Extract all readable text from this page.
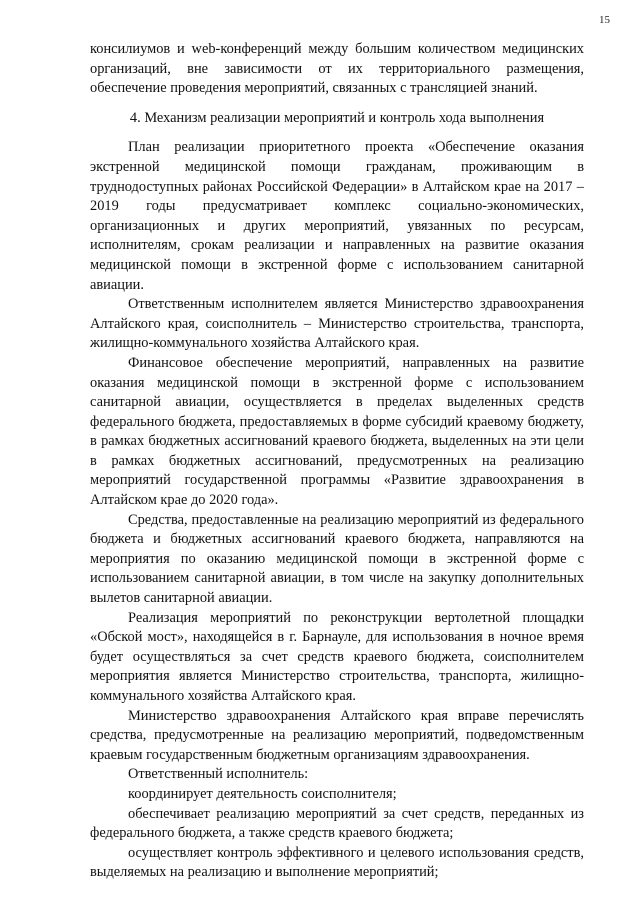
15

консилиумов и web-конференций между большим количеством медицинских организаций, вне зависимости от их территориального размещения, обеспечение проведения мероприятий, связанных с трансляцией знаний.

4. Механизм реализации мероприятий и контроль хода выполнения

План реализации приоритетного проекта «Обеспечение оказания экстренной медицинской помощи гражданам, проживающим в труднодоступных районах Российской Федерации» в Алтайском крае на 2017 – 2019 годы предусматривает комплекс социально-экономических, организационных и других мероприятий, увязанных по ресурсам, исполнителям, срокам реализации и направленных на развитие оказания медицинской помощи в экстренной форме с использованием санитарной авиации.

Ответственным исполнителем является Министерство здравоохранения Алтайского края, соисполнитель – Министерство строительства, транспорта, жилищно-коммунального хозяйства Алтайского края.

Финансовое обеспечение мероприятий, направленных на развитие оказания медицинской помощи в экстренной форме с использованием санитарной авиации, осуществляется в пределах выделенных средств федерального бюджета, предоставляемых в форме субсидий краевому бюджету, в рамках бюджетных ассигнований краевого бюджета, выделенных на эти цели в рамках бюджетных ассигнований, предусмотренных на реализацию мероприятий государственной программы «Развитие здравоохранения в Алтайском крае до 2020 года».

Средства, предоставленные на реализацию мероприятий из федерального бюджета и бюджетных ассигнований краевого бюджета, направляются на мероприятия по оказанию медицинской помощи в экстренной форме с использованием санитарной авиации, в том числе на закупку дополнительных вылетов санитарной авиации.

Реализация мероприятий по реконструкции вертолетной площадки «Обской мост», находящейся в г. Барнауле, для использования в ночное время будет осуществляться за счет средств краевого бюджета, соисполнителем мероприятия является Министерство строительства, транспорта, жилищно-коммунального хозяйства Алтайского края.

Министерство здравоохранения Алтайского края вправе перечислять средства, предусмотренные на реализацию мероприятий, подведомственным краевым государственным бюджетным организациям здравоохранения.

Ответственный исполнитель:

координирует деятельность соисполнителя;

обеспечивает реализацию мероприятий за счет средств, переданных из федерального бюджета, а также средств краевого бюджета;

осуществляет контроль эффективного и целевого использования средств, выделяемых на реализацию и выполнение мероприятий;
